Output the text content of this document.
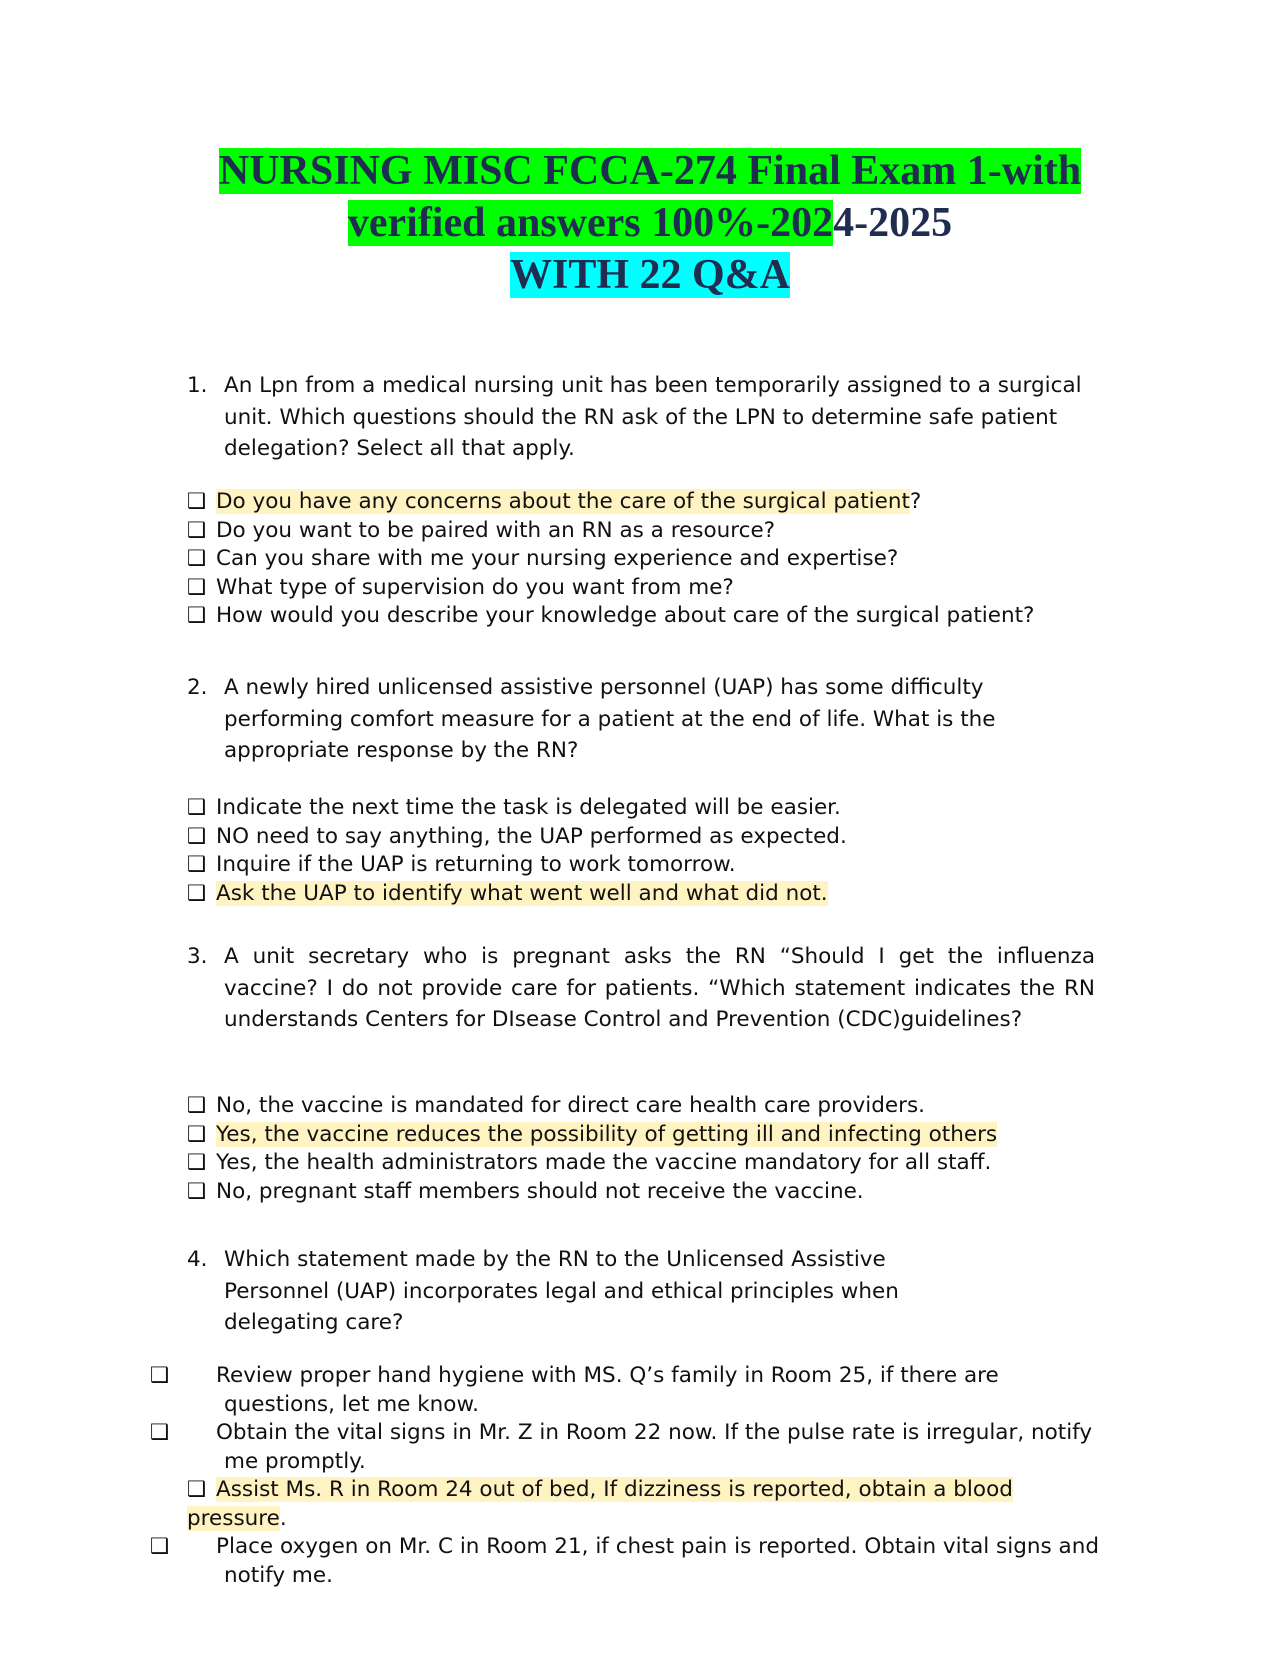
NURSING MISC FCCA-274 Final Exam 1-with
verified answers 100%-2024-2025
WITH 22 Q&A
1. An Lpn from a medical nursing unit has been temporarily assigned to a surgical unit. Which questions should the RN ask of the LPN to determine safe patient delegation? Select all that apply.
❑ Do you have any concerns about the care of the surgical patient?
❑ Do you want to be paired with an RN as a resource?
❑ Can you share with me your nursing experience and expertise?
❑ What type of supervision do you want from me?
❑ How would you describe your knowledge about care of the surgical patient?
2. A newly hired unlicensed assistive personnel (UAP) has some difficulty performing comfort measure for a patient at the end of life. What is the appropriate response by the RN?
❑ Indicate the next time the task is delegated will be easier.
❑ NO need to say anything, the UAP performed as expected.
❑ Inquire if the UAP is returning to work tomorrow.
❑ Ask the UAP to identify what went well and what did not.
3. A unit secretary who is pregnant asks the RN “Should I get the influenza vaccine? I do not provide care for patients. “Which statement indicates the RN understands Centers for DIsease Control and Prevention (CDC)guidelines?
❑ No, the vaccine is mandated for direct care health care providers.
❑ Yes, the vaccine reduces the possibility of getting ill and infecting others
❑ Yes, the health administrators made the vaccine mandatory for all staff.
❑ No, pregnant staff members should not receive the vaccine.
4. Which statement made by the RN to the Unlicensed Assistive Personnel (UAP) incorporates legal and ethical principles when delegating care?
❑ Review proper hand hygiene with MS. Q’s family in Room 25, if there are questions, let me know.
❑ Obtain the vital signs in Mr. Z in Room 22 now. If the pulse rate is irregular, notify me promptly.
❑ Assist Ms. R in Room 24 out of bed, If dizziness is reported, obtain a blood pressure.
❑ Place oxygen on Mr. C in Room 21, if chest pain is reported. Obtain vital signs and notify me.
